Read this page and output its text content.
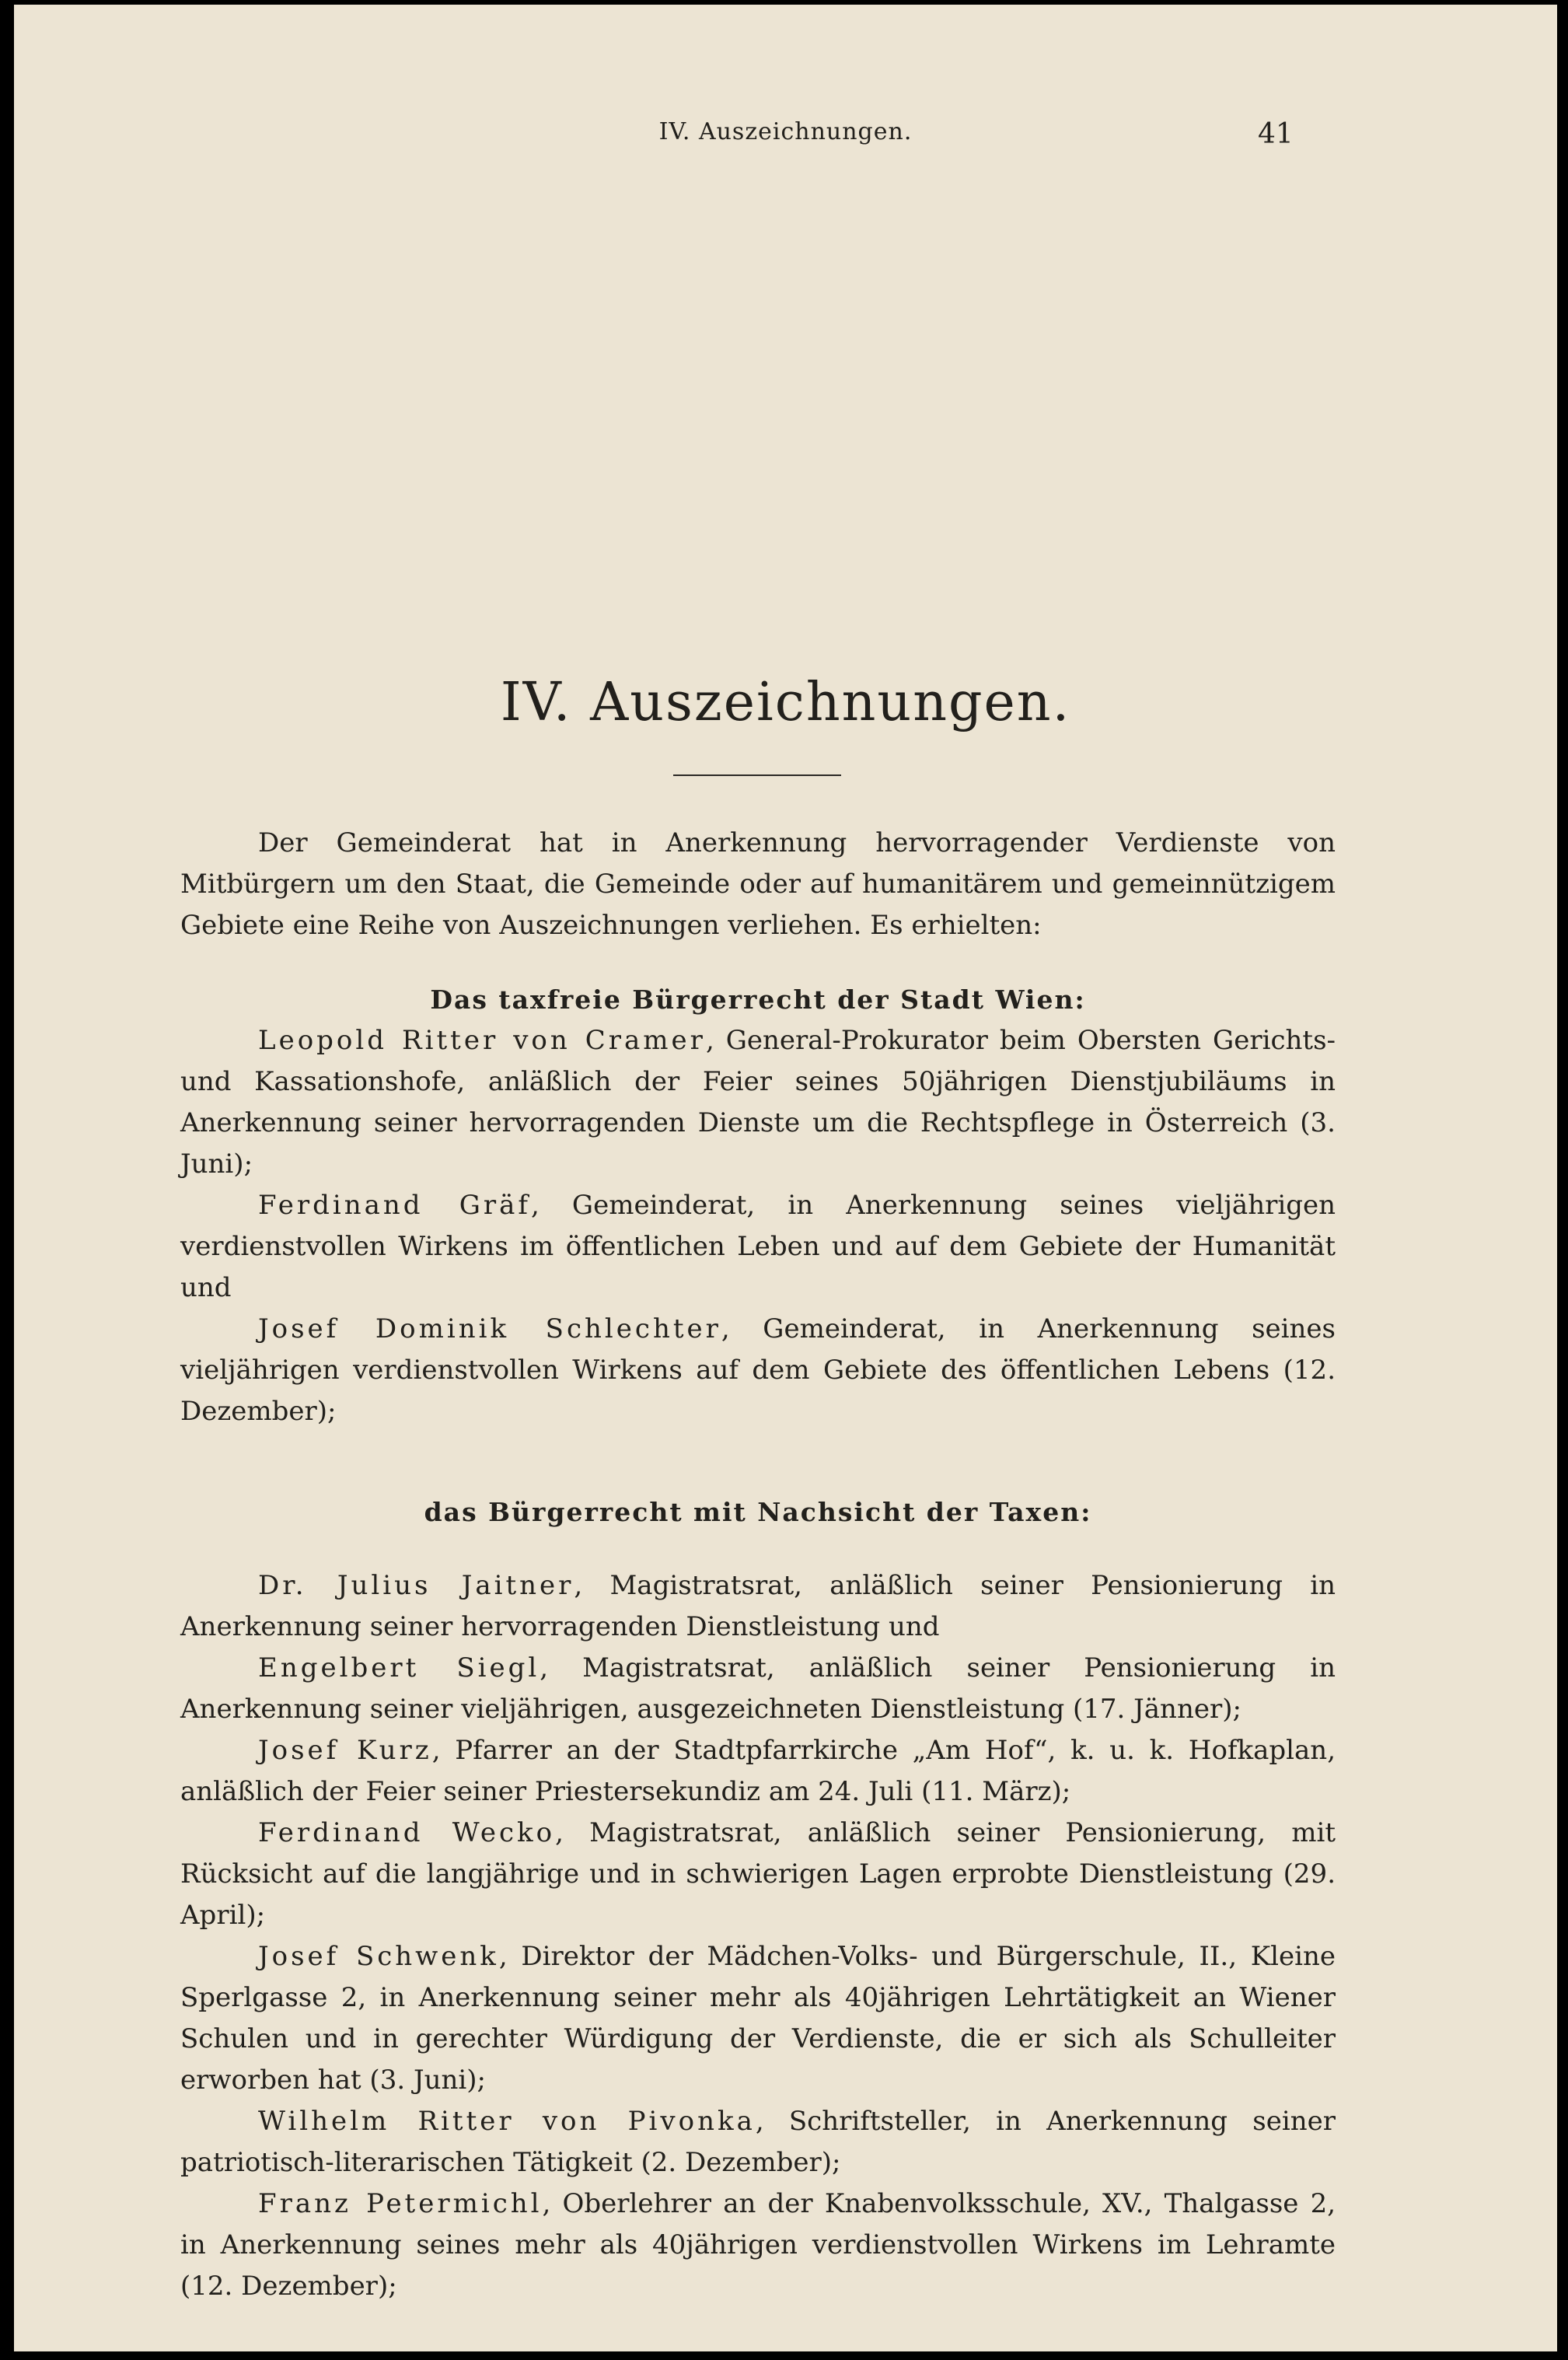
IV. Auszeichnungen.	41
IV. Auszeichnungen.

Der Gemeinderat hat in Anerkennung hervorragender Verdienste von Mitbürgern um den Staat, die Gemeinde oder auf humanitärem und gemeinnützigem Gebiete eine Reihe von Auszeichnungen verliehen. Es erhielten:

Das taxfreie Bürgerrecht der Stadt Wien:

Leopold Ritter von Cramer, General-Prokurator beim Obersten Gerichts- und Kassationshofe, anläßlich der Feier seines 50jährigen Dienstjubiläums in Anerkennung seiner hervorragenden Dienste um die Rechtspflege in Österreich (3. Juni);

Ferdinand Gräf, Gemeinderat, in Anerkennung seines vieljährigen verdienstvollen Wirkens im öffentlichen Leben und auf dem Gebiete der Humanität und

Josef Dominik Schlechter, Gemeinderat, in Anerkennung seines vieljährigen verdienstvollen Wirkens auf dem Gebiete des öffentlichen Lebens (12. Dezember);

das Bürgerrecht mit Nachsicht der Taxen:

Dr. Julius Jaitner, Magistratsrat, anläßlich seiner Pensionierung in Anerkennung seiner hervorragenden Dienstleistung und

Engelbert Siegl, Magistratsrat, anläßlich seiner Pensionierung in Anerkennung seiner vieljährigen, ausgezeichneten Dienstleistung (17. Jänner);

Josef Kurz, Pfarrer an der Stadtpfarrkirche „Am Hof“, k. u. k. Hofkaplan, anläßlich der Feier seiner Priestersekundiz am 24. Juli (11. März);

Ferdinand Wecko, Magistratsrat, anläßlich seiner Pensionierung, mit Rücksicht auf die langjährige und in schwierigen Lagen erprobte Dienstleistung (29. April);

Josef Schwenk, Direktor der Mädchen-Volks- und Bürgerschule, II., Kleine Sperlgasse 2, in Anerkennung seiner mehr als 40jährigen Lehrtätigkeit an Wiener Schulen und in gerechter Würdigung der Verdienste, die er sich als Schulleiter erworben hat (3. Juni);

Wilhelm Ritter von Pivonka, Schriftsteller, in Anerkennung seiner patriotisch-literarischen Tätigkeit (2. Dezember);

Franz Petermichl, Oberlehrer an der Knabenvolksschule, XV., Thalgasse 2, in Anerkennung seines mehr als 40jährigen verdienstvollen Wirkens im Lehramte (12. Dezember);
